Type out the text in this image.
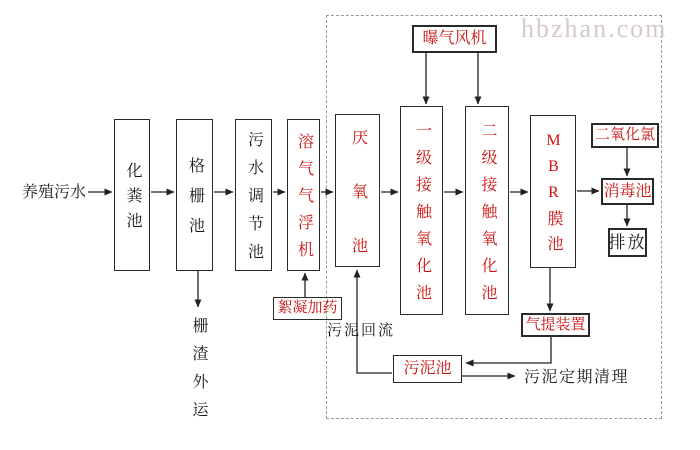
化粪池	格栅池	污水调节池 溶气气浮机 厌氧池	一级接触氧化池	二级接触氧化池	MBR膜池
曝气风机
二氧化氯
消毒池
排放
絮凝加药
气提装置
污泥池
养殖污水
栅渣外运	污泥回流
污泥定期清理
hbzhan.com
